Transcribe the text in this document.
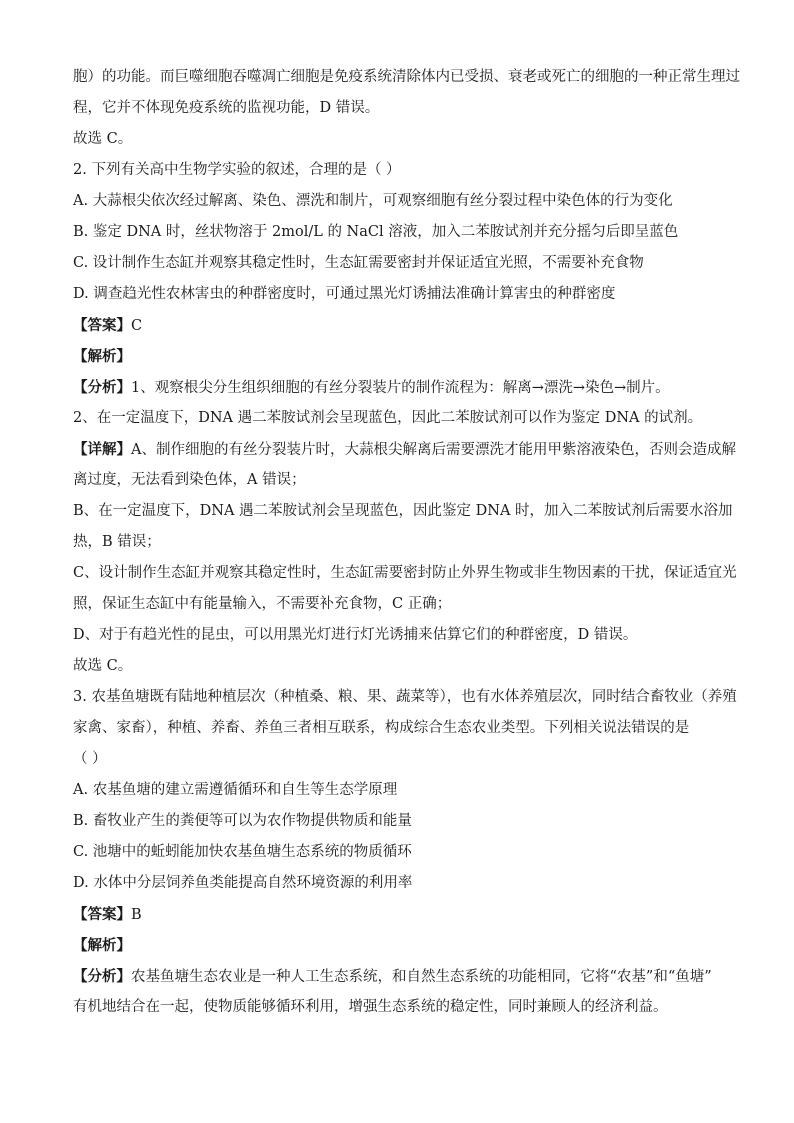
胞）的功能。而巨噬细胞吞噬凋亡细胞是免疫系统清除体内已受损、衰老或死亡的细胞的一种正常生理过
程，它并不体现免疫系统的监视功能，D 错误。
故选 C。
2. 下列有关高中生物学实验的叙述，合理的是（ ）
A. 大蒜根尖依次经过解离、染色、漂洗和制片，可观察细胞有丝分裂过程中染色体的行为变化
B. 鉴定 DNA 时，丝状物溶于 2mol/L 的 NaCl 溶液，加入二苯胺试剂并充分摇匀后即呈蓝色
C. 设计制作生态缸并观察其稳定性时，生态缸需要密封并保证适宜光照，不需要补充食物
D. 调查趋光性农林害虫的种群密度时，可通过黑光灯诱捕法准确计算害虫的种群密度
【答案】C
【解析】
【分析】1、观察根尖分生组织细胞的有丝分裂装片的制作流程为：解离→漂洗→染色→制片。
2、在一定温度下，DNA 遇二苯胺试剂会呈现蓝色，因此二苯胺试剂可以作为鉴定 DNA 的试剂。
【详解】A、制作细胞的有丝分裂装片时，大蒜根尖解离后需要漂洗才能用甲紫溶液染色，否则会造成解
离过度，无法看到染色体，A 错误；
B、在一定温度下，DNA 遇二苯胺试剂会呈现蓝色，因此鉴定 DNA 时，加入二苯胺试剂后需要水浴加
热，B 错误；
C、设计制作生态缸并观察其稳定性时，生态缸需要密封防止外界生物或非生物因素的干扰，保证适宜光
照，保证生态缸中有能量输入，不需要补充食物，C 正确；
D、对于有趋光性的昆虫，可以用黑光灯进行灯光诱捕来估算它们的种群密度，D 错误。
故选 C。
3. 农基鱼塘既有陆地种植层次（种植桑、粮、果、蔬菜等），也有水体养殖层次，同时结合畜牧业（养殖
家禽、家畜），种植、养畜、养鱼三者相互联系，构成综合生态农业类型。下列相关说法错误的是
（ ）
A. 农基鱼塘的建立需遵循循环和自生等生态学原理
B. 畜牧业产生的粪便等可以为农作物提供物质和能量
C. 池塘中的蚯蚓能加快农基鱼塘生态系统的物质循环
D. 水体中分层饲养鱼类能提高自然环境资源的利用率
【答案】B
【解析】
【分析】农基鱼塘生态农业是一种人工生态系统，和自然生态系统的功能相同，它将“农基”和“鱼塘”
有机地结合在一起，使物质能够循环利用，增强生态系统的稳定性，同时兼顾人的经济利益。
